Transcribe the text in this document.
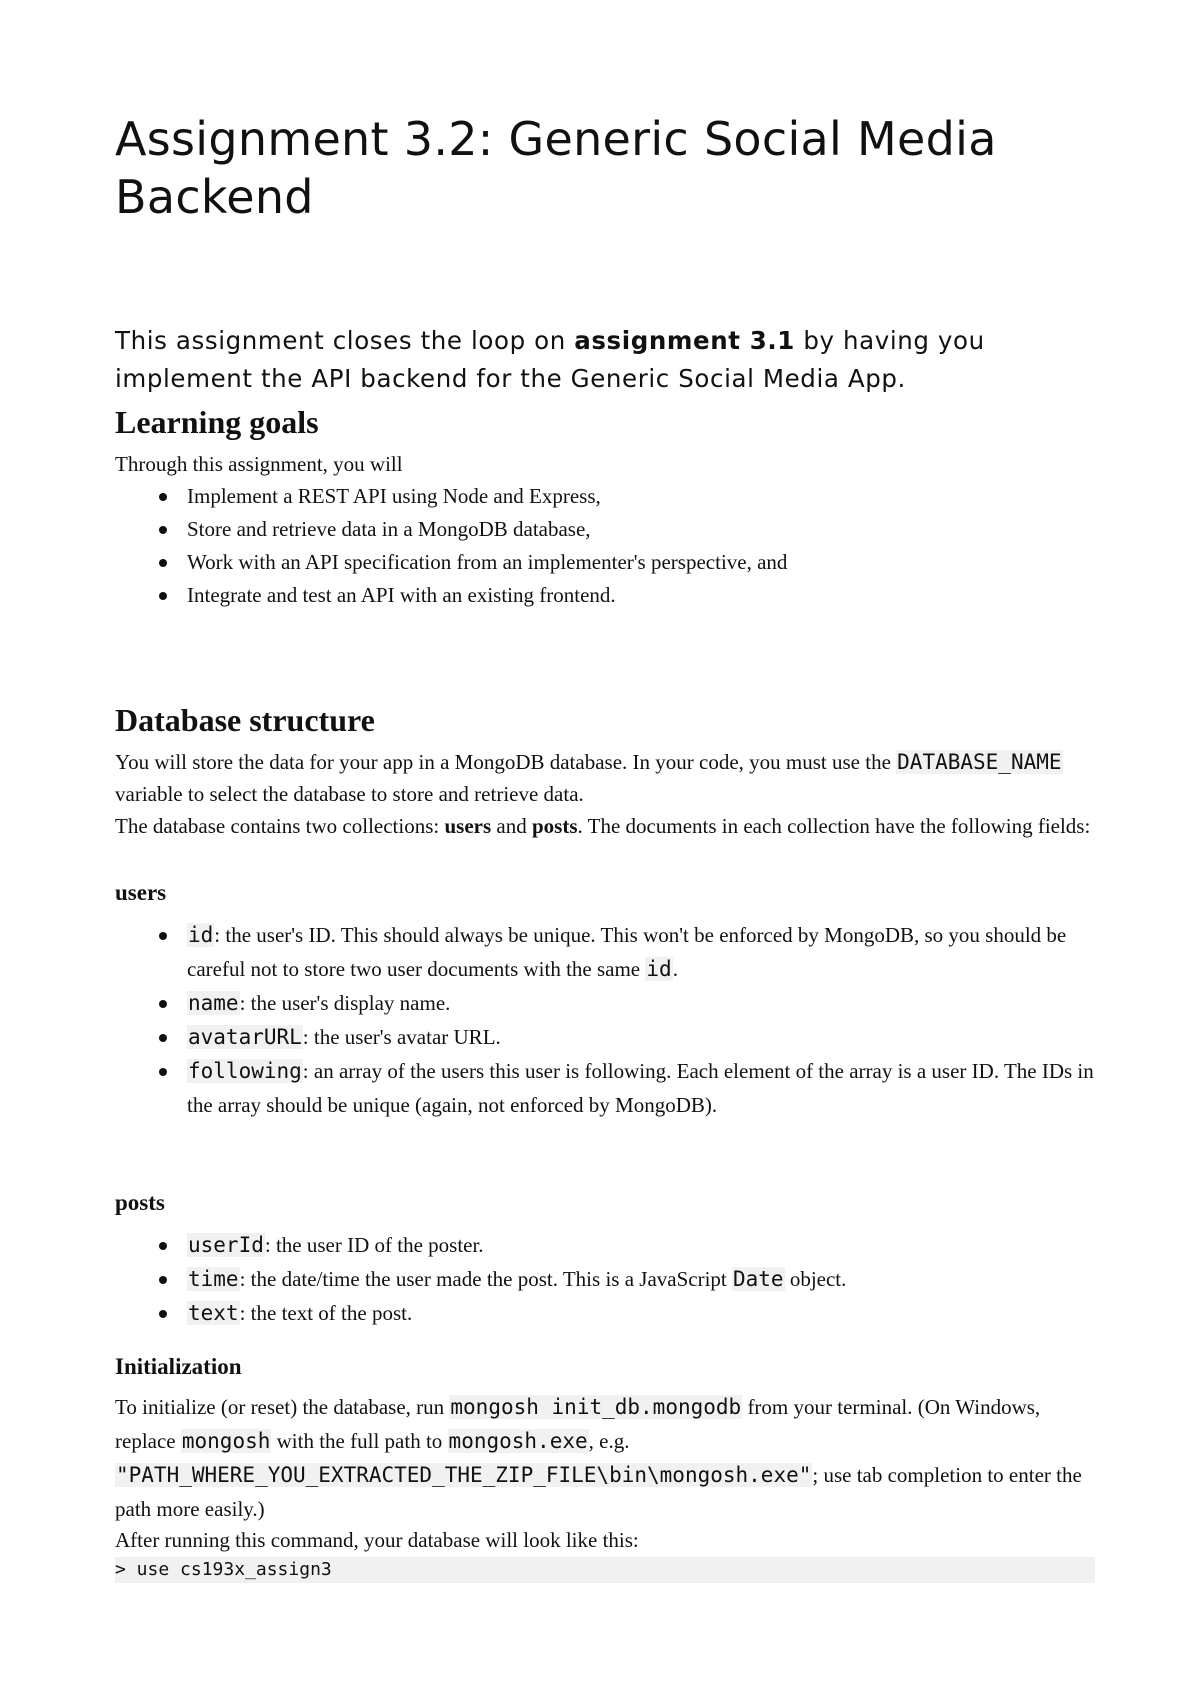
Assignment 3.2: Generic Social Media Backend

This assignment closes the loop on assignment 3.1 by having you implement the API backend for the Generic Social Media App.

Learning goals

Through this assignment, you will

Implement a REST API using Node and Express,
Store and retrieve data in a MongoDB database,
Work with an API specification from an implementer's perspective, and
Integrate and test an API with an existing frontend.
Database structure

You will store the data for your app in a MongoDB database. In your code, you must use the DATABASE_NAME variable to select the database to store and retrieve data.

The database contains two collections: users and posts. The documents in each collection have the following fields:

users
id: the user's ID. This should always be unique. This won't be enforced by MongoDB, so you should be careful not to store two user documents with the same id.
name: the user's display name.
avatarURL: the user's avatar URL.
following: an array of the users this user is following. Each element of the array is a user ID. The IDs in the array should be unique (again, not enforced by MongoDB).
posts
userId: the user ID of the poster.
time: the date/time the user made the post. This is a JavaScript Date object.
text: the text of the post.
Initialization

To initialize (or reset) the database, run mongosh init_db.mongodb from your terminal. (On Windows, replace mongosh with the full path to mongosh.exe, e.g. "PATH_WHERE_YOU_EXTRACTED_THE_ZIP_FILE\bin\mongosh.exe"; use tab completion to enter the path more easily.)

After running this command, your database will look like this:

> use cs193x_assign3
